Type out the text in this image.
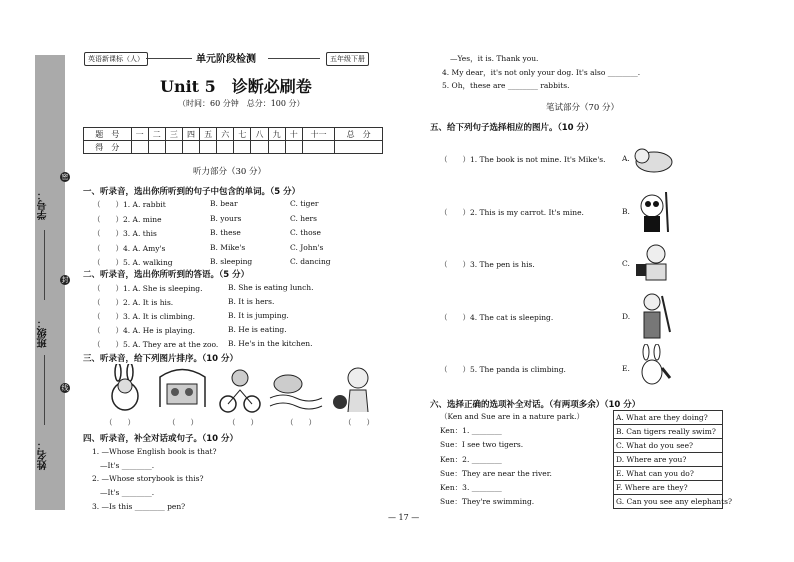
学号：
班级：
姓名：
密
封
线
英语新课标（人）	单元阶段检测	五年级下册
Unit 5　 诊断必刷卷
（时间：60 分钟　总分：100 分）
题　号	一	二	三	四	五	六	七	八	九	十	十一	总　分
得　分												
听力部分（30 分）
一、听录音，选出你所听到的句子中包含的单词。（5 分）
（　　）1. A. rabbit	B. bear	C. tiger
（　　）2. A. mine	B. yours	C. hers
（　　）3. A. this	B. these	C. those
（　　）4. A. Amy's	B. Mike's	C. John's
（　　）5. A. walking	B. sleeping	C. dancing
二、听录音，选出你所听到的答语。（5 分）
（　　）1. A. She is sleeping.	B. She is eating lunch.
（　　）2. A. It is his.	B. It is hers.
（　　）3. A. It is climbing.	B. It is jumping.
（　　）4. A. He is playing.	B. He is eating.
（　　）5. A. They are at the zoo. B. He's in the kitchen.
三、听录音，给下列图片排序。（10 分）
（　　）	（　　）	（　　）	（　　）	（　　）
四、听录音，补全对话或句子。（10 分）
1. —Whose English book is that?
—It's ________.
2. —Whose storybook is this?
—It's ________.
3. —Is this ________ pen?
—Yes，it is. Thank you.
4. My dear，it's not only your dog. It's also ________.
5. Oh，these are ________ rabbits.
笔试部分（70 分）
五、给下列句子选择相应的图片。（10 分）
（　　）1. The book is not mine. It's Mike's. A.
（　　）2. This is my carrot. It's mine.	B.
（　　）3. The pen is his.	C.
（　　）4. The cat is sleeping.	D.
（　　）5. The panda is climbing.	E.
六、选择正确的选项补全对话。（有两项多余）（10 分）
（Ken and Sue are in a nature park.）
Ken：1. ________
Sue：I see two tigers.
Ken：2. ________
Sue：They are near the river.
Ken：3. ________
Sue：They're swimming.
A. What are they doing?
B. Can tigers really swim?
C. What do you see?
D. Where are you?
E. What can you do?
F. Where are they?
G. Can you see any elephants?
— 17 —
